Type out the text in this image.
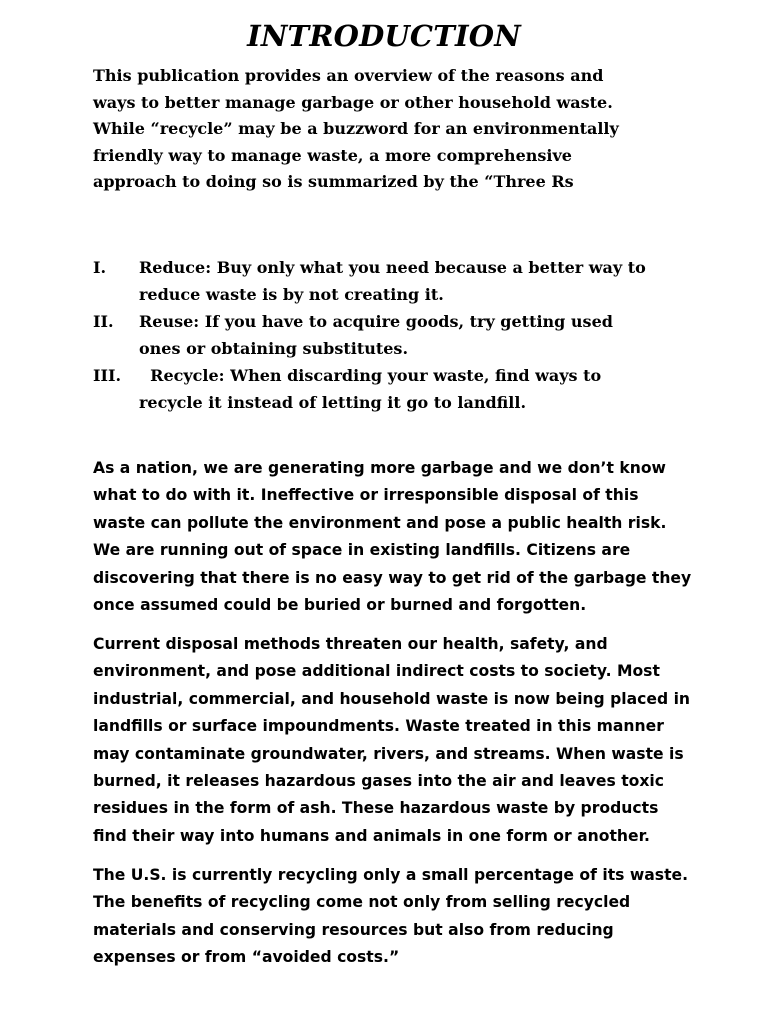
INTRODUCTION
This publication provides an overview of the reasons and
ways to better manage garbage or other household waste.
While “recycle” may be a buzzword for an environmentally
friendly way to manage waste, a more comprehensive
approach to doing so is summarized by the “Three Rs
I.	Reduce: Buy only what you need because a better way to
reduce waste is by not creating it.
II.	Reuse: If you have to acquire goods, try getting used
ones or obtaining substitutes.
III.	Recycle: When discarding your waste, find ways to
recycle it instead of letting it go to landfill.
As a nation, we are generating more garbage and we don’t know
what to do with it. Ineffective or irresponsible disposal of this
waste can pollute the environment and pose a public health risk.
We are running out of space in existing landfills. Citizens are
discovering that there is no easy way to get rid of the garbage they
once assumed could be buried or burned and forgotten.
Current disposal methods threaten our health, safety, and
environment, and pose additional indirect costs to society. Most
industrial, commercial, and household waste is now being placed in
landfills or surface impoundments. Waste treated in this manner
may contaminate groundwater, rivers, and streams. When waste is
burned, it releases hazardous gases into the air and leaves toxic
residues in the form of ash. These hazardous waste by products
find their way into humans and animals in one form or another.
The U.S. is currently recycling only a small percentage of its waste.
The benefits of recycling come not only from selling recycled
materials and conserving resources but also from reducing
expenses or from “avoided costs.”
